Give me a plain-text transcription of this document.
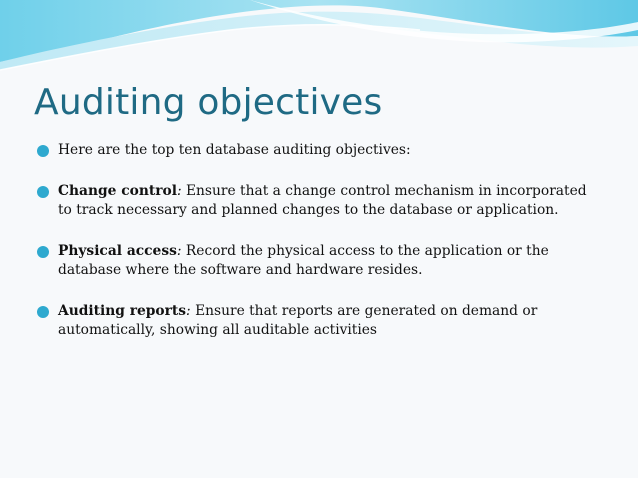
Auditing objectives
Here are the top ten database auditing objectives:
Change control: Ensure that a change control mechanism in incorporated to track necessary and planned changes to the database or application.
Physical access: Record the physical access to the application or the database where the software and hardware resides.
Auditing reports: Ensure that reports are generated on demand or automatically, showing all auditable activities
